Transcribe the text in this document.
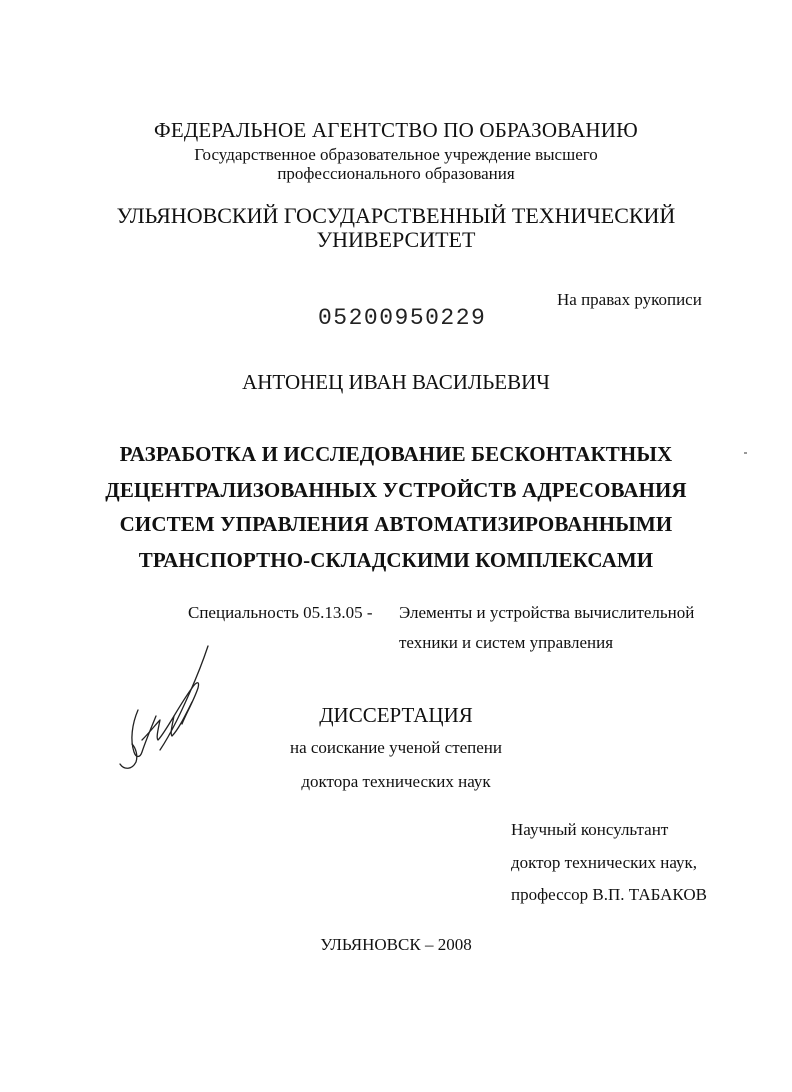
ФЕДЕРАЛЬНОЕ АГЕНТСТВО ПО ОБРАЗОВАНИЮ
Государственное образовательное учреждение высшего
профессионального образования
УЛЬЯНОВСКИЙ ГОСУДАРСТВЕННЫЙ ТЕХНИЧЕСКИЙ
УНИВЕРСИТЕТ
На правах рукописи
05200950229
АНТОНЕЦ ИВАН ВАСИЛЬЕВИЧ
РАЗРАБОТКА И ИССЛЕДОВАНИЕ БЕСКОНТАКТНЫХ
ДЕЦЕНТРАЛИЗОВАННЫХ УСТРОЙСТВ АДРЕСОВАНИЯ
СИСТЕМ УПРАВЛЕНИЯ АВТОМАТИЗИРОВАННЫМИ
ТРАНСПОРТНО-СКЛАДСКИМИ КОМПЛЕКСАМИ
Специальность 05.13.05 - Элементы и устройства вычислительной
техники и систем управления
ДИССЕРТАЦИЯ
на соискание ученой степени
доктора технических наук
Научный консультант
доктор технических наук,
профессор В.П. ТАБАКОВ
УЛЬЯНОВСК – 2008
